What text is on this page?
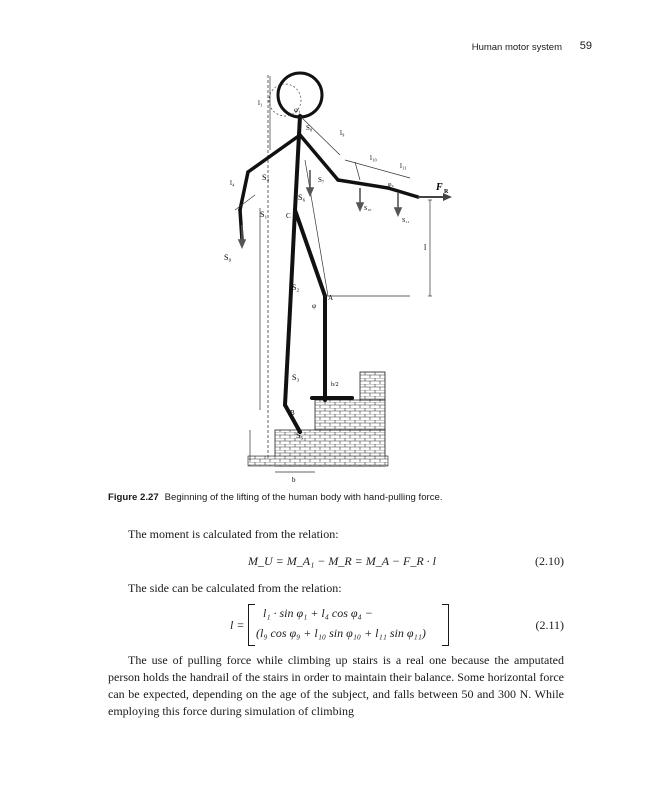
Human motor system 59
F R
S₁
S₂
S₃
S₄
S₅
S₆
S₇
S₈
S₉
S₁₀
S₁₁
A
B
C
l
b
b/2
φ
φ₁
φ₉
l₁
l₄
l₉
l₁₀
l₁₁
Figure 2.27 Beginning of the lifting of the human body with hand-pulling force.
The moment is calculated from the relation:
M_U = M_A₁ − M_R = M_A − F_R · l	(2.10)
The side can be calculated from the relation:
l =
l₁ · sin φ₁ + l₄ cos φ₄ −
(l₉ cos φ₉ + l₁₀ sin φ₁₀ + l₁₁ sin φ₁₁)
(2.11)
The use of pulling force while climbing up stairs is a real one because the amputated person holds the handrail of the stairs in order to maintain their balance. Some horizontal force can be expected, depending on the age of the subject, and falls between 50 and 300 N. While employing this force during simulation of climbing
